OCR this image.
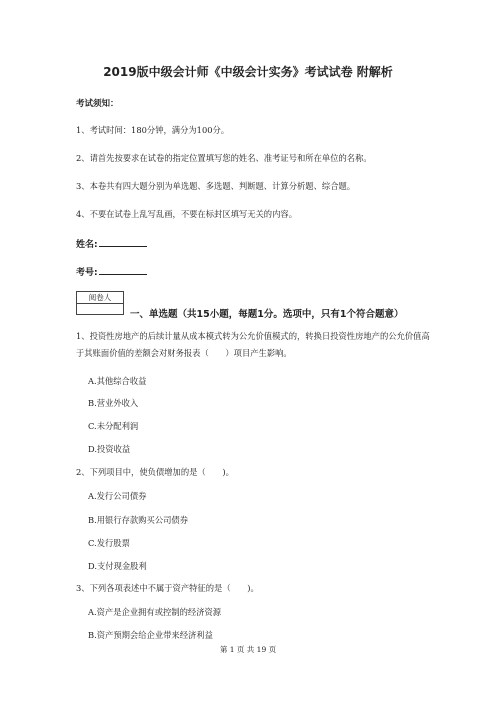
2019版中级会计师《中级会计实务》考试试卷 附解析
考试须知：
1、考试时间：180分钟，满分为100分。
2、请首先按要求在试卷的指定位置填写您的姓名、准考证号和所在单位的名称。
3、本卷共有四大题分别为单选题、多选题、判断题、计算分析题、综合题。
4、不要在试卷上乱写乱画，不要在标封区填写无关的内容。
姓名:
考号:
阅卷人
一、单选题（共15小题，每题1分。选项中，只有1个符合题意）
1、投资性房地产的后续计量从成本模式转为公允价值模式的，转换日投资性房地产的公允价值高于其账面价值的差额会对财务报表（　　）项目产生影响。
A.其他综合收益
B.营业外收入
C.未分配利润
D.投资收益
2、下列项目中，使负债增加的是（　　)。
A.发行公司债券
B.用银行存款购买公司债券
C.发行股票
D.支付现金股利
3、下列各项表述中不属于资产特征的是（　　)。
A.资产是企业拥有或控制的经济资源
B.资产预期会给企业带来经济利益
第 1 页 共 19 页
